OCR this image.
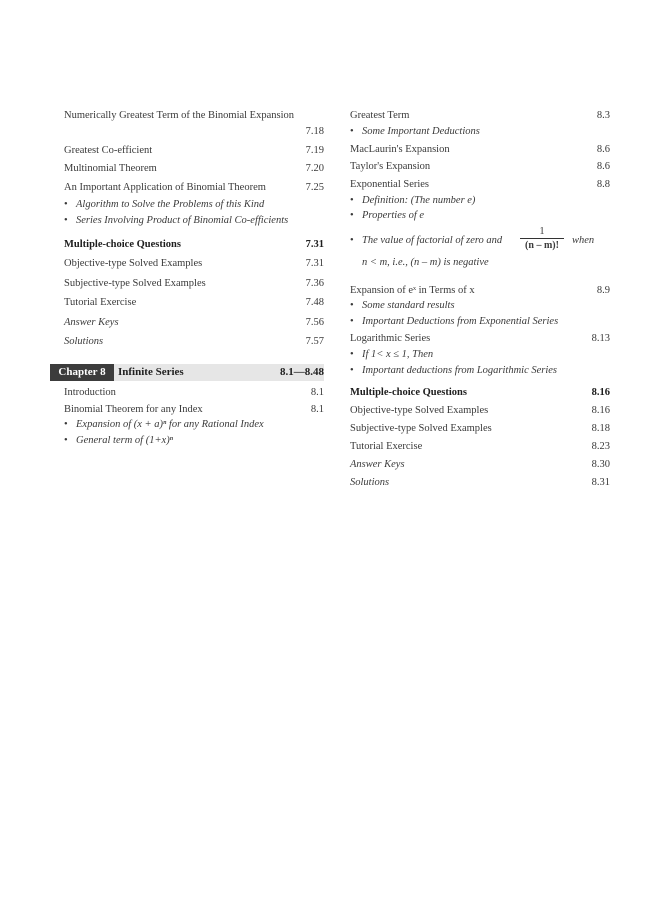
Numerically Greatest Term of the Binomial Expansion
7.18
Greatest Co-efficient	7.19
Multinomial Theorem	7.20
An Important Application of Binomial Theorem	7.25
• Algorithm to Solve the Problems of this Kind
• Series Involving Product of Binomial Co-efficients
Multiple-choice Questions	7.31
Objective-type Solved Examples	7.31
Subjective-type Solved Examples	7.36
Tutorial Exercise	7.48
Answer Keys	7.56
Solutions	7.57
Introduction	8.1
Binomial Theorem for any Index	8.1
• Expansion of (x + a)ⁿ for any Rational Index
• General term of (1+x)ⁿ
Chapter 8	Infinite Series	8.1—8.48
Greatest Term	8.3
• Some Important Deductions
MacLaurin's Expansion	8.6
Taylor's Expansion	8.6
Exponential Series	8.8
• Definition: (The number e)
• Properties of e
• The value of factorial of zero and
1
(n – m)!	when
n < m, i.e., (n – m) is negative
Expansion of eˣ in Terms of x	8.9
• Some standard results
• Important Deductions from Exponential Series
Logarithmic Series	8.13
• If 1< x ≤ 1, Then
• Important deductions from Logarithmic Series
Multiple-choice Questions	8.16
Objective-type Solved Examples	8.16
Subjective-type Solved Examples	8.18
Tutorial Exercise	8.23
Answer Keys	8.30
Solutions	8.31
